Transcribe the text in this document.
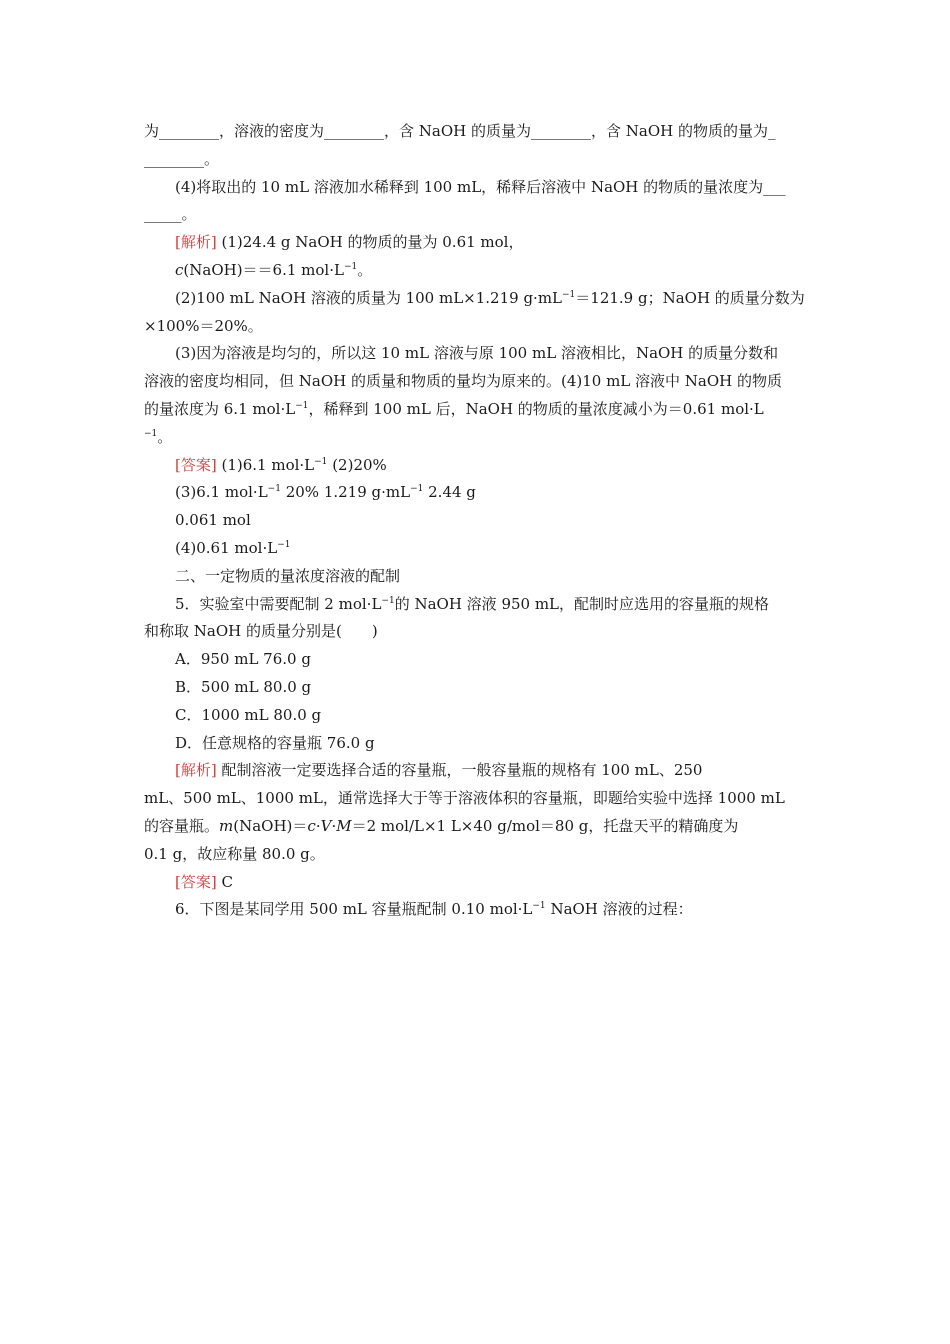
为________，溶液的密度为________，含 NaOH 的质量为________，含 NaOH 的物质的量为_
________。
(4)将取出的 10 mL 溶液加水稀释到 100 mL，稀释后溶液中 NaOH 的物质的量浓度为___
_____。
[解析] (1)24.4 g NaOH 的物质的量为 0.61 mol，
c(NaOH)＝＝6.1 $mol\cdot L^{-1}$。
(2)100 mL NaOH 溶液的质量为 100 mL×1.219 $g\cdot mL^{-1}=121.9$ g；NaOH 的质量分数为
×100%＝20%。
(3)因为溶液是均匀的，所以这 10 mL 溶液与原 100 mL 溶液相比，NaOH 的质量分数和
溶液的密度均相同，但 NaOH 的质量和物质的量均为原来的。(4)10 mL 溶液中 NaOH 的物质
的量浓度为 6.1 $mol\cdot L^{-1}$，稀释到 100 mL 后，NaOH 的物质的量浓度减小为＝0.61 mol·L
$^{-1}$。
[答案] (1)6.1 $mol\cdot L^{-1}$ (2)20%
(3)6.1 $mol\cdot L^{-1}$ 20% 1.219 $g\cdot mL^{-1}$ 2.44 g
0.061 mol
(4)0.61 $mol\cdot L^{-1}$
二、一定物质的量浓度溶液的配制
5．实验室中需要配制 2 $mol\cdot L^{-1}$的 NaOH 溶液 950 mL，配制时应选用的容量瓶的规格
和称取 NaOH 的质量分别是(　　)
A．950 mL 76.0 g
B．500 mL 80.0 g
C．1000 mL 80.0 g
D．任意规格的容量瓶 76.0 g
[解析] 配制溶液一定要选择合适的容量瓶，一般容量瓶的规格有 100 mL、250
mL、500 mL、1000 mL，通常选择大于等于溶液体积的容量瓶，即题给实验中选择 1000 mL
的容量瓶。m(NaOH)＝c·V·M＝2 mol/L×1 L×40 g/mol＝80 g，托盘天平的精确度为
0.1 g，故应称量 80.0 g。
[答案] C
6．下图是某同学用 500 mL 容量瓶配制 0.10 $mol\cdot L^{-1}$ NaOH 溶液的过程：
